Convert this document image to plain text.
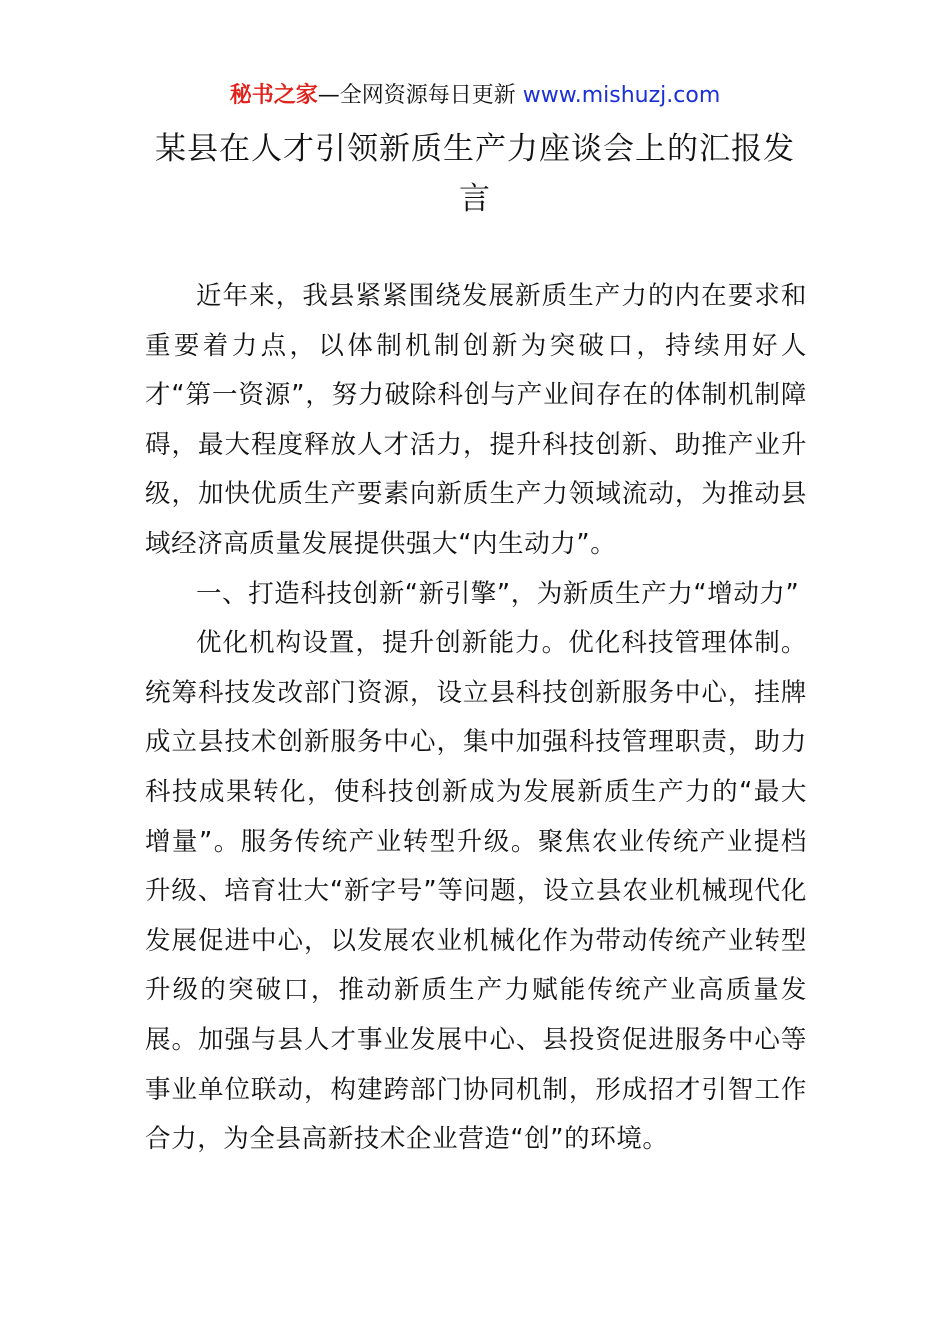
秘书之家—全网资源每日更新 www.mishuzj.com
某县在人才引领新质生产力座谈会上的汇报发言

近年来，我县紧紧围绕发展新质生产力的内在要求和重要着力点，以体制机制创新为突破口，持续用好人才“第一资源”，努力破除科创与产业间存在的体制机制障碍，最大程度释放人才活力，提升科技创新、助推产业升级，加快优质生产要素向新质生产力领域流动，为推动县域经济高质量发展提供强大“内生动力”。

一、打造科技创新“新引擎”，为新质生产力“增动力”

优化机构设置，提升创新能力。优化科技管理体制。统筹科技发改部门资源，设立县科技创新服务中心，挂牌成立县技术创新服务中心，集中加强科技管理职责，助力科技成果转化，使科技创新成为发展新质生产力的“最大增量”。服务传统产业转型升级。聚焦农业传统产业提档升级、培育壮大“新字号”等问题，设立县农业机械现代化发展促进中心，以发展农业机械化作为带动传统产业转型升级的突破口，推动新质生产力赋能传统产业高质量发展。加强与县人才事业发展中心、县投资促进服务中心等事业单位联动，构建跨部门协同机制，形成招才引智工作合力，为全县高新技术企业营造“创”的环境。
